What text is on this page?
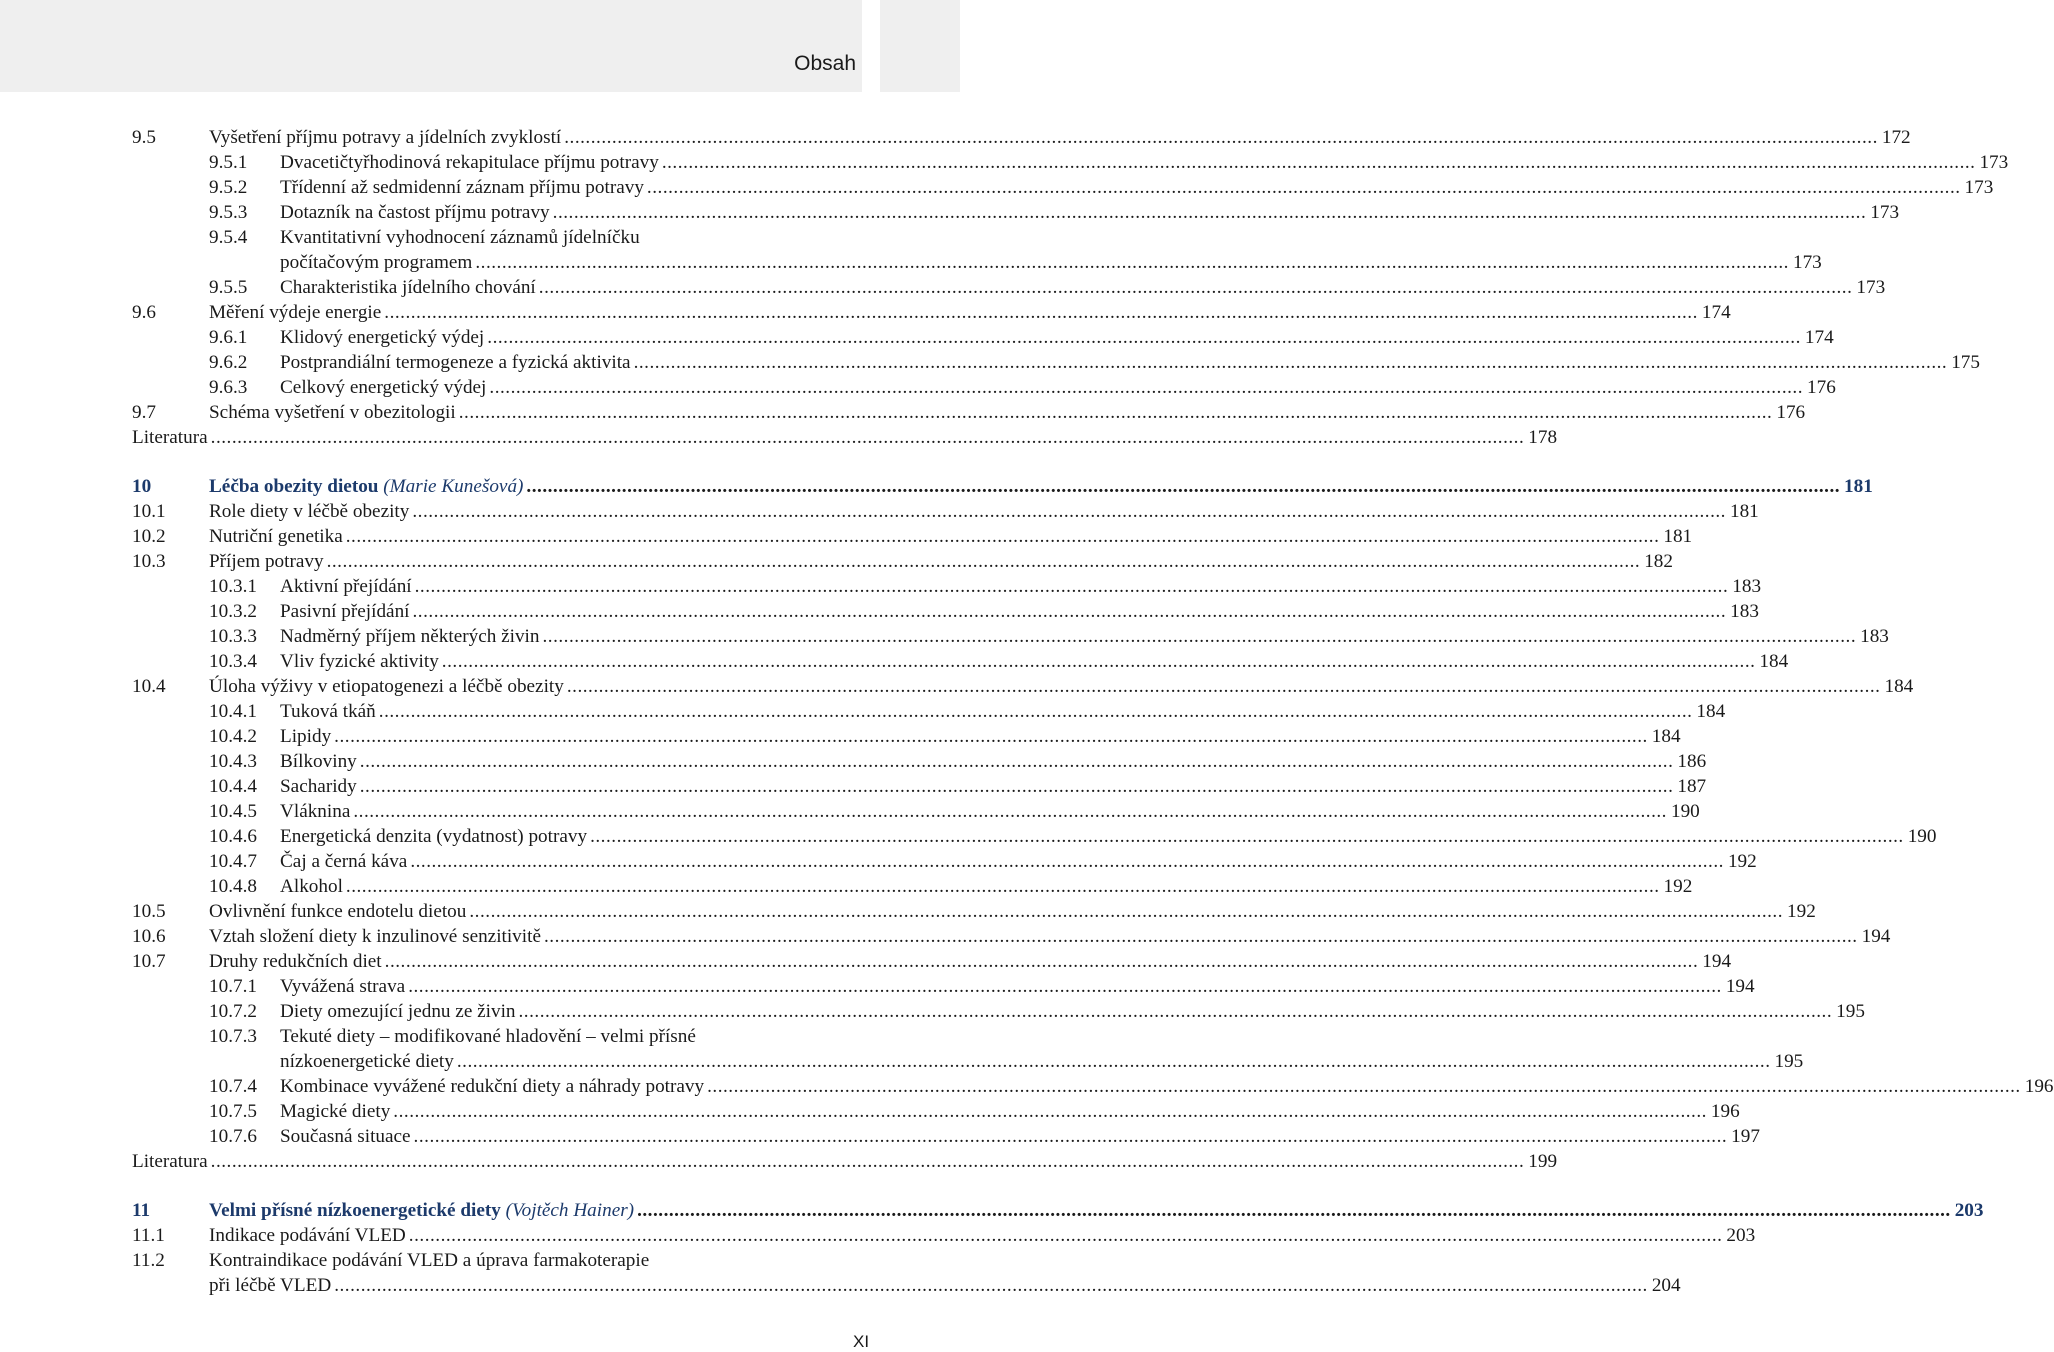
Obsah
9.5	Vyšetření příjmu potravy a jídelních zvyklostí .....	172
9.5.1 Dvacetičtyřhodinová rekapitulace příjmu potravy .....	173
9.5.2 Třídenní až sedmidenní záznam příjmu potravy .....	173
9.5.3 Dotazník na častost příjmu potravy .....	173
9.5.4 Kvantitativní vyhodnocení záznamů jídelníčku
počítačovým programem .....	173
9.5.5 Charakteristika jídelního chování .....	173
9.6	Měření výdeje energie .....	174
9.6.1 Klidový energetický výdej .....	174
9.6.2 Postprandiální termogeneze a fyzická aktivita .....	175
9.6.3 Celkový energetický výdej .....	176
9.7	Schéma vyšetření v obezitologii .....	176
Literatura .....	178
10	Léčba obezity dietou (Marie Kunešová) .....	181
10.1 Role diety v léčbě obezity .....	181
10.2 Nutriční genetika .....	181
10.3 Příjem potravy .....	182
10.3.1 Aktivní přejídání .....	183
10.3.2 Pasivní přejídání .....	183
10.3.3 Nadměrný příjem některých živin .....	183
10.3.4 Vliv fyzické aktivity .....	184
10.4 Úloha výživy v etiopatogenezi a léčbě obezity .....	184
10.4.1 Tuková tkáň .....	184
10.4.2 Lipidy .....	184
10.4.3 Bílkoviny .....	186
10.4.4 Sacharidy .....	187
10.4.5 Vláknina .....	190
10.4.6 Energetická denzita (vydatnost) potravy .....	190
10.4.7 Čaj a černá káva .....	192
10.4.8 Alkohol .....	192
10.5 Ovlivnění funkce endotelu dietou .....	192
10.6 Vztah složení diety k inzulinové senzitivitě .....	194
10.7 Druhy redukčních diet .....	194
10.7.1 Vyvážená strava .....	194
10.7.2 Diety omezující jednu ze živin .....	195
10.7.3 Tekuté diety – modifikované hladovění – velmi přísné
nízkoenergetické diety .....	195
10.7.4 Kombinace vyvážené redukční diety a náhrady potravy .....	196
10.7.5 Magické diety .....	196
10.7.6 Současná situace .....	197
Literatura .....	199
11	Velmi přísné nízkoenergetické diety (Vojtěch Hainer) .....	203
11.1 Indikace podávání VLED .....	203
11.2 Kontraindikace podávání VLED a úprava farmakoterapie
při léčbě VLED .....	204
XI
